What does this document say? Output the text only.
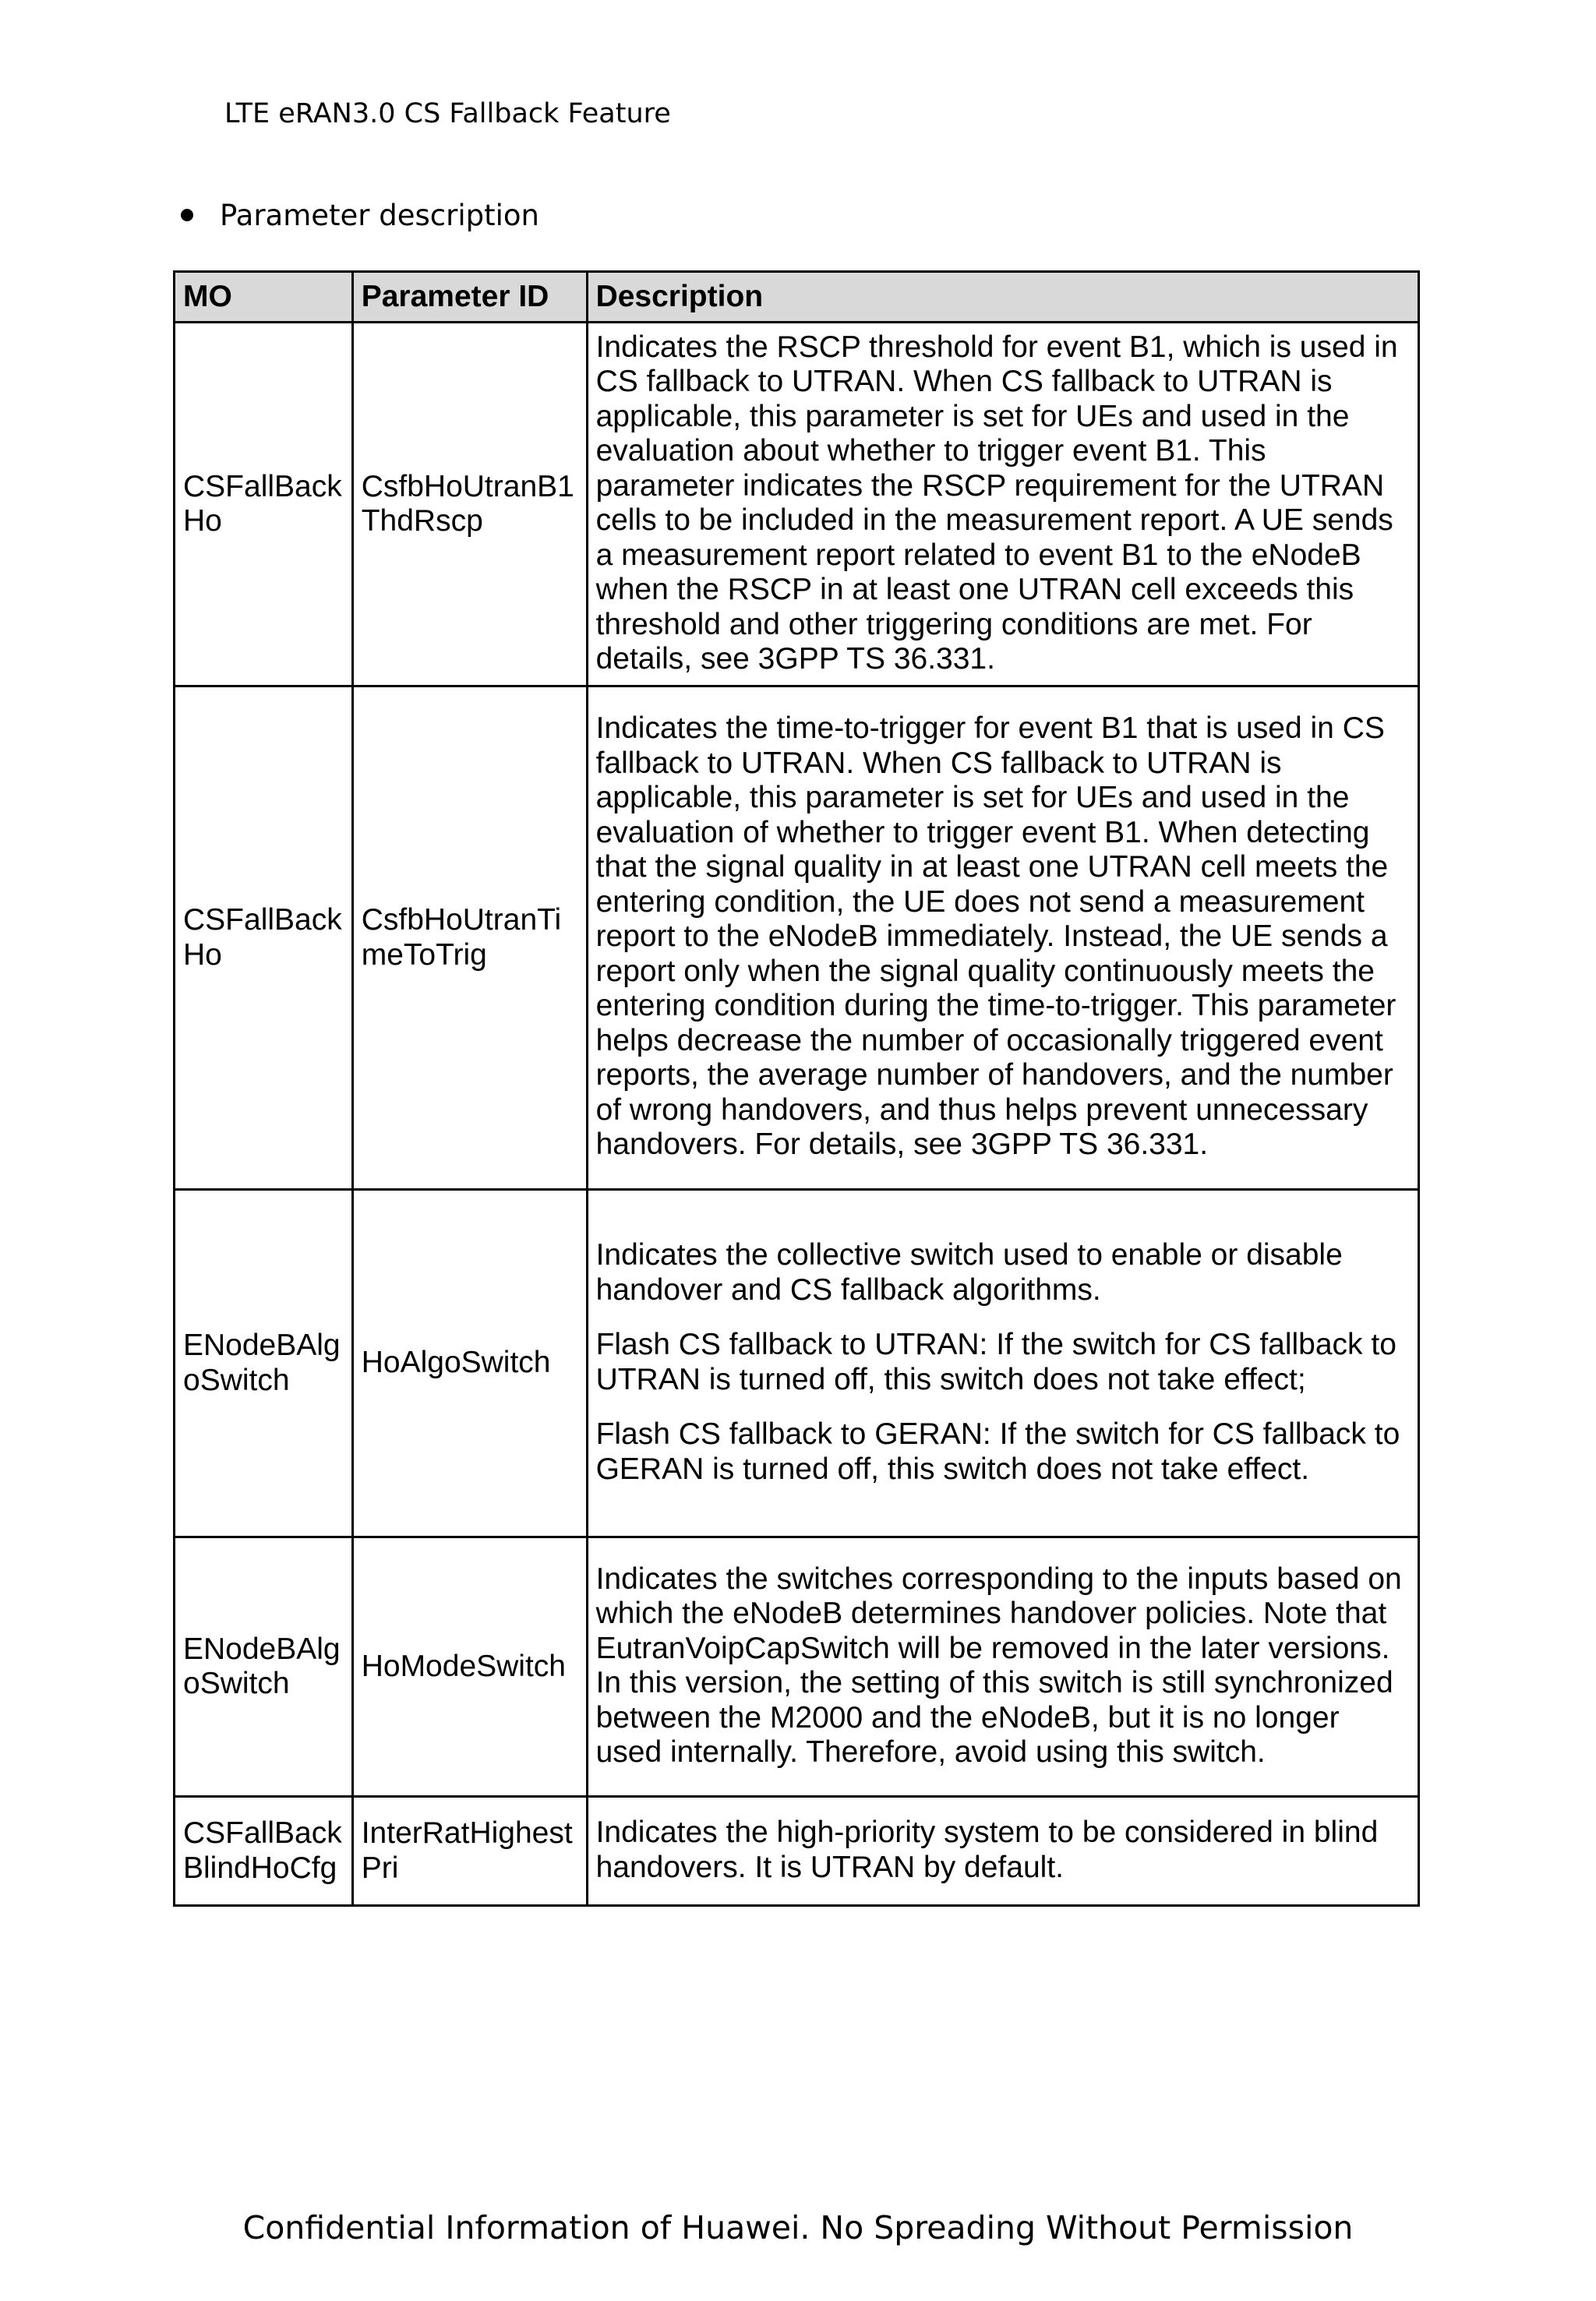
LTE eRAN3.0 CS Fallback Feature
Parameter description
MO	Parameter ID	Description
CSFallBack Ho	CsfbHoUtranB1 ThdRscp	Indicates the RSCP threshold for event B1, which is used in CS fallback to UTRAN. When CS fallback to UTRAN is applicable, this parameter is set for UEs and used in the evaluation about whether to trigger event B1. This parameter indicates the RSCP requirement for the UTRAN cells to be included in the measurement report. A UE sends a measurement report related to event B1 to the eNodeB when the RSCP in at least one UTRAN cell exceeds this threshold and other triggering conditions are met. For details, see 3GPP TS 36.331.

CSFallBack Ho	CsfbHoUtranTi meToTrig	Indicates the time-to-trigger for event B1 that is used in CS fallback to UTRAN. When CS fallback to UTRAN is applicable, this parameter is set for UEs and used in the evaluation of whether to trigger event B1. When detecting that the signal quality in at least one UTRAN cell meets the entering condition, the UE does not send a measurement report to the eNodeB immediately. Instead, the UE sends a report only when the signal quality continuously meets the entering condition during the time-to-trigger. This parameter helps decrease the number of occasionally triggered event reports, the average number of handovers, and the number of wrong handovers, and thus helps prevent unnecessary handovers. For details, see 3GPP TS 36.331.

ENodeBAlg oSwitch	HoAlgoSwitch	Indicates the collective switch used to enable or disable handover and CS fallback algorithms.

Flash CS fallback to UTRAN: If the switch for CS fallback to UTRAN is turned off, this switch does not take effect;

Flash CS fallback to GERAN: If the switch for CS fallback to GERAN is turned off, this switch does not take effect.

ENodeBAlg oSwitch	HoModeSwitch	Indicates the switches corresponding to the inputs based on which the eNodeB determines handover policies. Note that EutranVoipCapSwitch will be removed in the later versions. In this version, the setting of this switch is still synchronized between the M2000 and the eNodeB, but it is no longer used internally. Therefore, avoid using this switch.

CSFallBack BlindHoCfg	InterRatHighest Pri	Indicates the high-priority system to be considered in blind handovers. It is UTRAN by default.

Confidential Information of Huawei. No Spreading Without Permission
